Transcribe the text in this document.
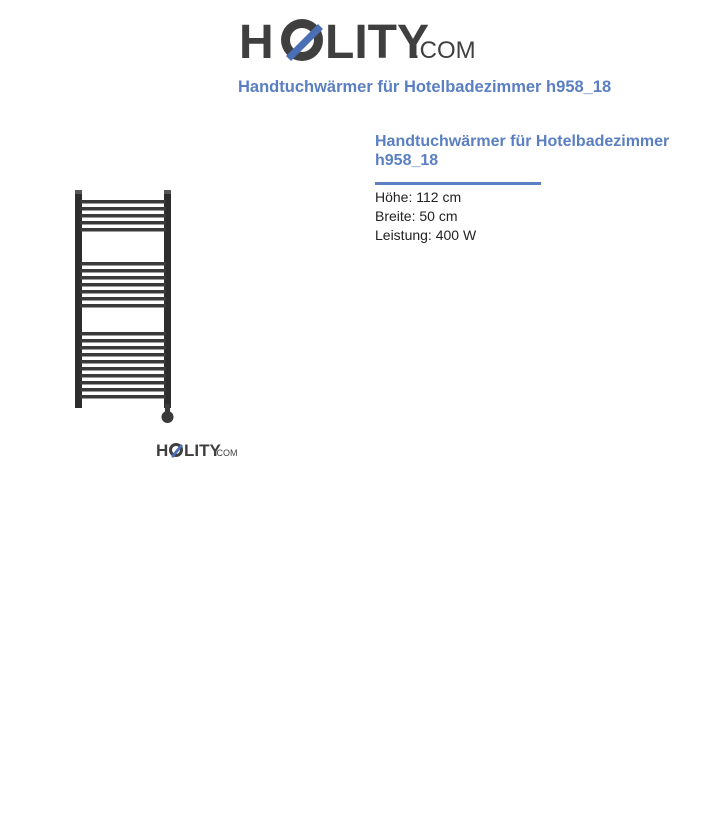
H LITY
.COM
Handtuchwärmer für Hotelbadezimmer h958_18
H LITY
.COM
Handtuchwärmer für Hotelbadezimmer h958_18

Höhe: 112 cm

Breite: 50 cm

Leistung: 400 W
